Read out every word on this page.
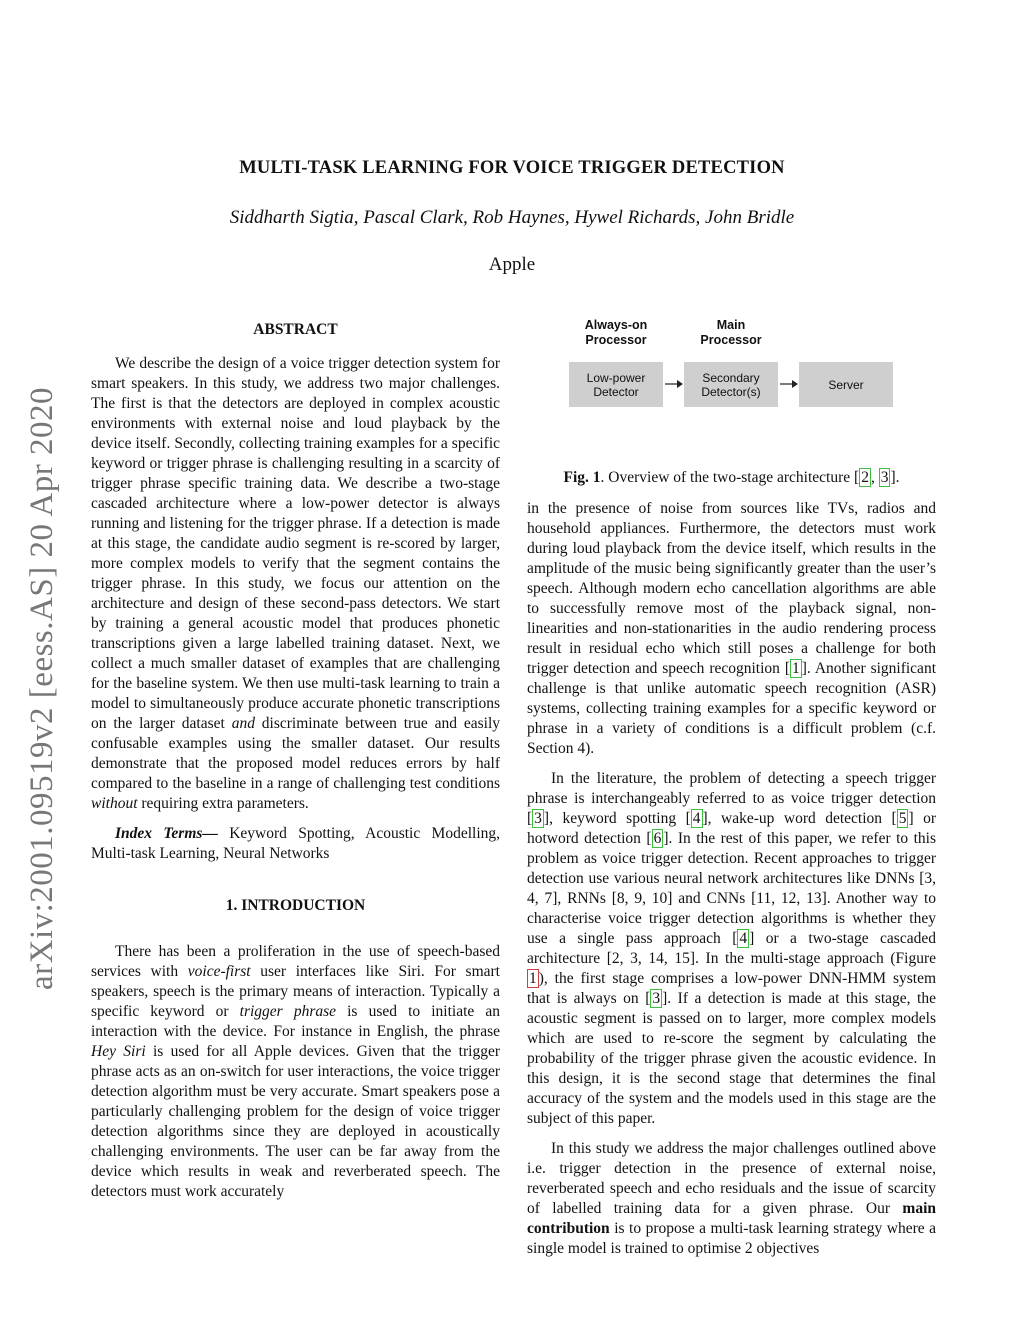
arXiv:2001.09519v2 [eess.AS] 20 Apr 2020
MULTI-TASK LEARNING FOR VOICE TRIGGER DETECTION
Siddharth Sigtia, Pascal Clark, Rob Haynes, Hywel Richards, John Bridle
Apple
ABSTRACT

We describe the design of a voice trigger detection system for smart speakers. In this study, we address two major challenges. The first is that the detectors are deployed in complex acoustic environments with external noise and loud playback by the device itself. Secondly, collecting training examples for a specific keyword or trigger phrase is challenging resulting in a scarcity of trigger phrase specific training data. We describe a two-stage cascaded architecture where a low-power detector is always running and listening for the trigger phrase. If a detection is made at this stage, the candidate audio segment is re-scored by larger, more complex models to verify that the segment contains the trigger phrase. In this study, we focus our attention on the architecture and design of these second-pass detectors. We start by training a general acoustic model that produces phonetic transcriptions given a large labelled training dataset. Next, we collect a much smaller dataset of examples that are challenging for the baseline system. We then use multi-task learning to train a model to simultaneously produce accurate phonetic transcriptions on the larger dataset and discriminate between true and easily confusable examples using the smaller dataset. Our results demonstrate that the proposed model reduces errors by half compared to the baseline in a range of challenging test conditions without requiring extra parameters.

Index Terms— Keyword Spotting, Acoustic Modelling, Multi-task Learning, Neural Networks

1. INTRODUCTION

There has been a proliferation in the use of speech-based services with voice-first user interfaces like Siri. For smart speakers, speech is the primary means of interaction. Typically a specific keyword or trigger phrase is used to initiate an interaction with the device. For instance in English, the phrase Hey Siri is used for all Apple devices. Given that the trigger phrase acts as an on-switch for user interactions, the voice trigger detection algorithm must be very accurate. Smart speakers pose a particularly challenging problem for the design of voice trigger detection algorithms since they are deployed in acoustically challenging environments. The user can be far away from the device which results in weak and reverberated speech. The detectors must work accurately

Always-on
Processor
Main
Processor
Low-power
Detector
Secondary
Detector(s)	Server

Fig. 1. Overview of the two-stage architecture [ 2 , 3 ].

in the presence of noise from sources like TVs, radios and household appliances. Furthermore, the detectors must work during loud playback from the device itself, which results in the amplitude of the music being significantly greater than the user’s speech. Although modern echo cancellation algorithms are able to successfully remove most of the playback signal, non-linearities and non-stationarities in the audio rendering process result in residual echo which still poses a challenge for both trigger detection and speech recognition [ 1 ]. Another significant challenge is that unlike automatic speech recognition (ASR) systems, collecting training examples for a specific keyword or phrase in a variety of conditions is a difficult problem (c.f. Section 4).

In the literature, the problem of detecting a speech trigger phrase is interchangeably referred to as voice trigger detection [ 3 ], keyword spotting [ 4 ], wake-up word detection [ 5 ] or hotword detection [ 6 ]. In the rest of this paper, we refer to this problem as voice trigger detection. Recent approaches to trigger detection use various neural network architectures like DNNs [3, 4, 7], RNNs [8, 9, 10] and CNNs [11, 12, 13]. Another way to characterise voice trigger detection algorithms is whether they use a single pass approach [ 4 ] or a two-stage cascaded architecture [2, 3, 14, 15]. In the multi-stage approach (Figure 1 ), the first stage comprises a low-power DNN-HMM system that is always on [ 3 ]. If a detection is made at this stage, the acoustic segment is passed on to larger, more complex models which are used to re-score the segment by calculating the probability of the trigger phrase given the acoustic evidence. In this design, it is the second stage that determines the final accuracy of the system and the models used in this stage are the subject of this paper.

In this study we address the major challenges outlined above i.e. trigger detection in the presence of external noise, reverberated speech and echo residuals and the issue of scarcity of labelled training data for a given phrase. Our main contribution is to propose a multi-task learning strategy where a single model is trained to optimise 2 objectives
